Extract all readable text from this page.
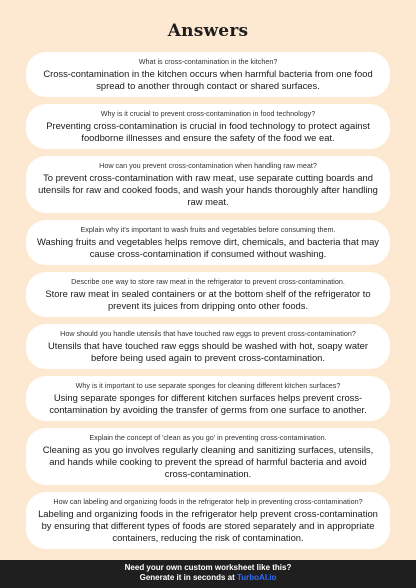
Answers
What is cross-contamination in the kitchen?
Cross-contamination in the kitchen occurs when harmful bacteria from one food spread to another through contact or shared surfaces.
Why is it crucial to prevent cross-contamination in food technology?
Preventing cross-contamination is crucial in food technology to protect against foodborne illnesses and ensure the safety of the food we eat.
How can you prevent cross-contamination when handling raw meat?
To prevent cross-contamination with raw meat, use separate cutting boards and utensils for raw and cooked foods, and wash your hands thoroughly after handling raw meat.
Explain why it's important to wash fruits and vegetables before consuming them.
Washing fruits and vegetables helps remove dirt, chemicals, and bacteria that may cause cross-contamination if consumed without washing.
Describe one way to store raw meat in the refrigerator to prevent cross-contamination.
Store raw meat in sealed containers or at the bottom shelf of the refrigerator to prevent its juices from dripping onto other foods.
How should you handle utensils that have touched raw eggs to prevent cross-contamination?
Utensils that have touched raw eggs should be washed with hot, soapy water before being used again to prevent cross-contamination.
Why is it important to use separate sponges for cleaning different kitchen surfaces?
Using separate sponges for different kitchen surfaces helps prevent cross-contamination by avoiding the transfer of germs from one surface to another.
Explain the concept of 'clean as you go' in preventing cross-contamination.
Cleaning as you go involves regularly cleaning and sanitizing surfaces, utensils, and hands while cooking to prevent the spread of harmful bacteria and avoid cross-contamination.
How can labeling and organizing foods in the refrigerator help in preventing cross-contamination?
Labeling and organizing foods in the refrigerator help prevent cross-contamination by ensuring that different types of foods are stored separately and in appropriate containers, reducing the risk of contamination.
Need your own custom worksheet like this?
Generate it in seconds at TurboAI.io
